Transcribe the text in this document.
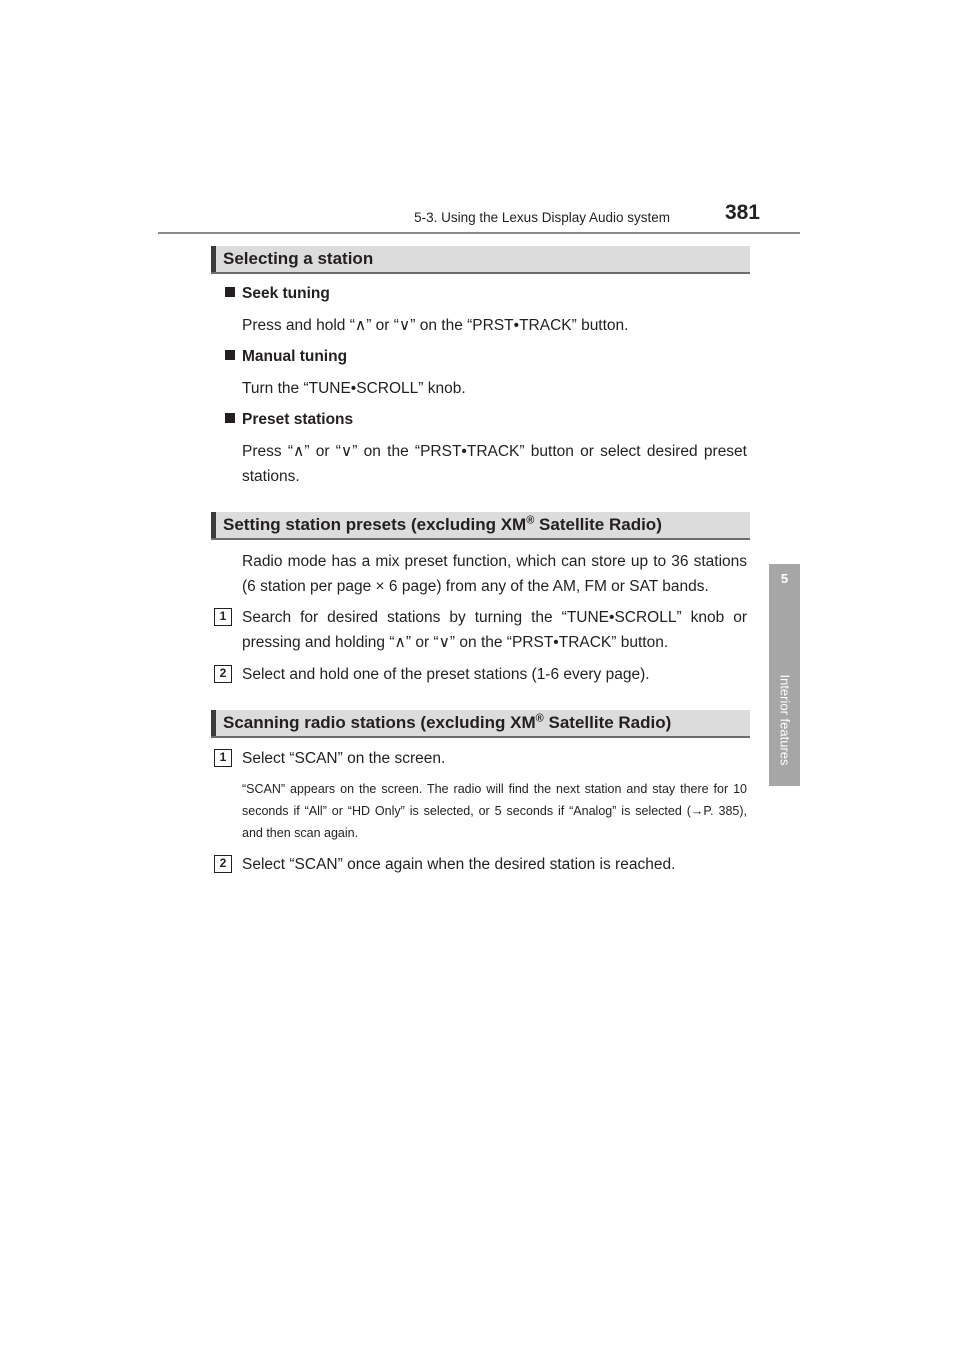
5-3. Using the Lexus Display Audio system	381
5
Interior features
Selecting a station
Seek tuning
Press and hold “∧” or “∨” on the “PRST•TRACK” button.
Manual tuning
Turn the “TUNE•SCROLL” knob.
Preset stations
Press “∧” or “∨” on the “PRST•TRACK” button or select desired preset stations.
Setting station presets (excluding XM® Satellite Radio)
Radio mode has a mix preset function, which can store up to 36 stations (6 station per page × 6 page) from any of the AM, FM or SAT bands.
1	Search for desired stations by turning the “TUNE•SCROLL” knob or pressing and holding “∧” or “∨” on the “PRST•TRACK” button.
2	Select and hold one of the preset stations (1-6 every page).
Scanning radio stations (excluding XM® Satellite Radio)
1	Select “SCAN” on the screen.
“SCAN” appears on the screen. The radio will find the next station and stay there for 10 seconds if “All” or “HD Only” is selected, or 5 seconds if “Analog” is selected (→P. 385), and then scan again.
2	Select “SCAN” once again when the desired station is reached.
